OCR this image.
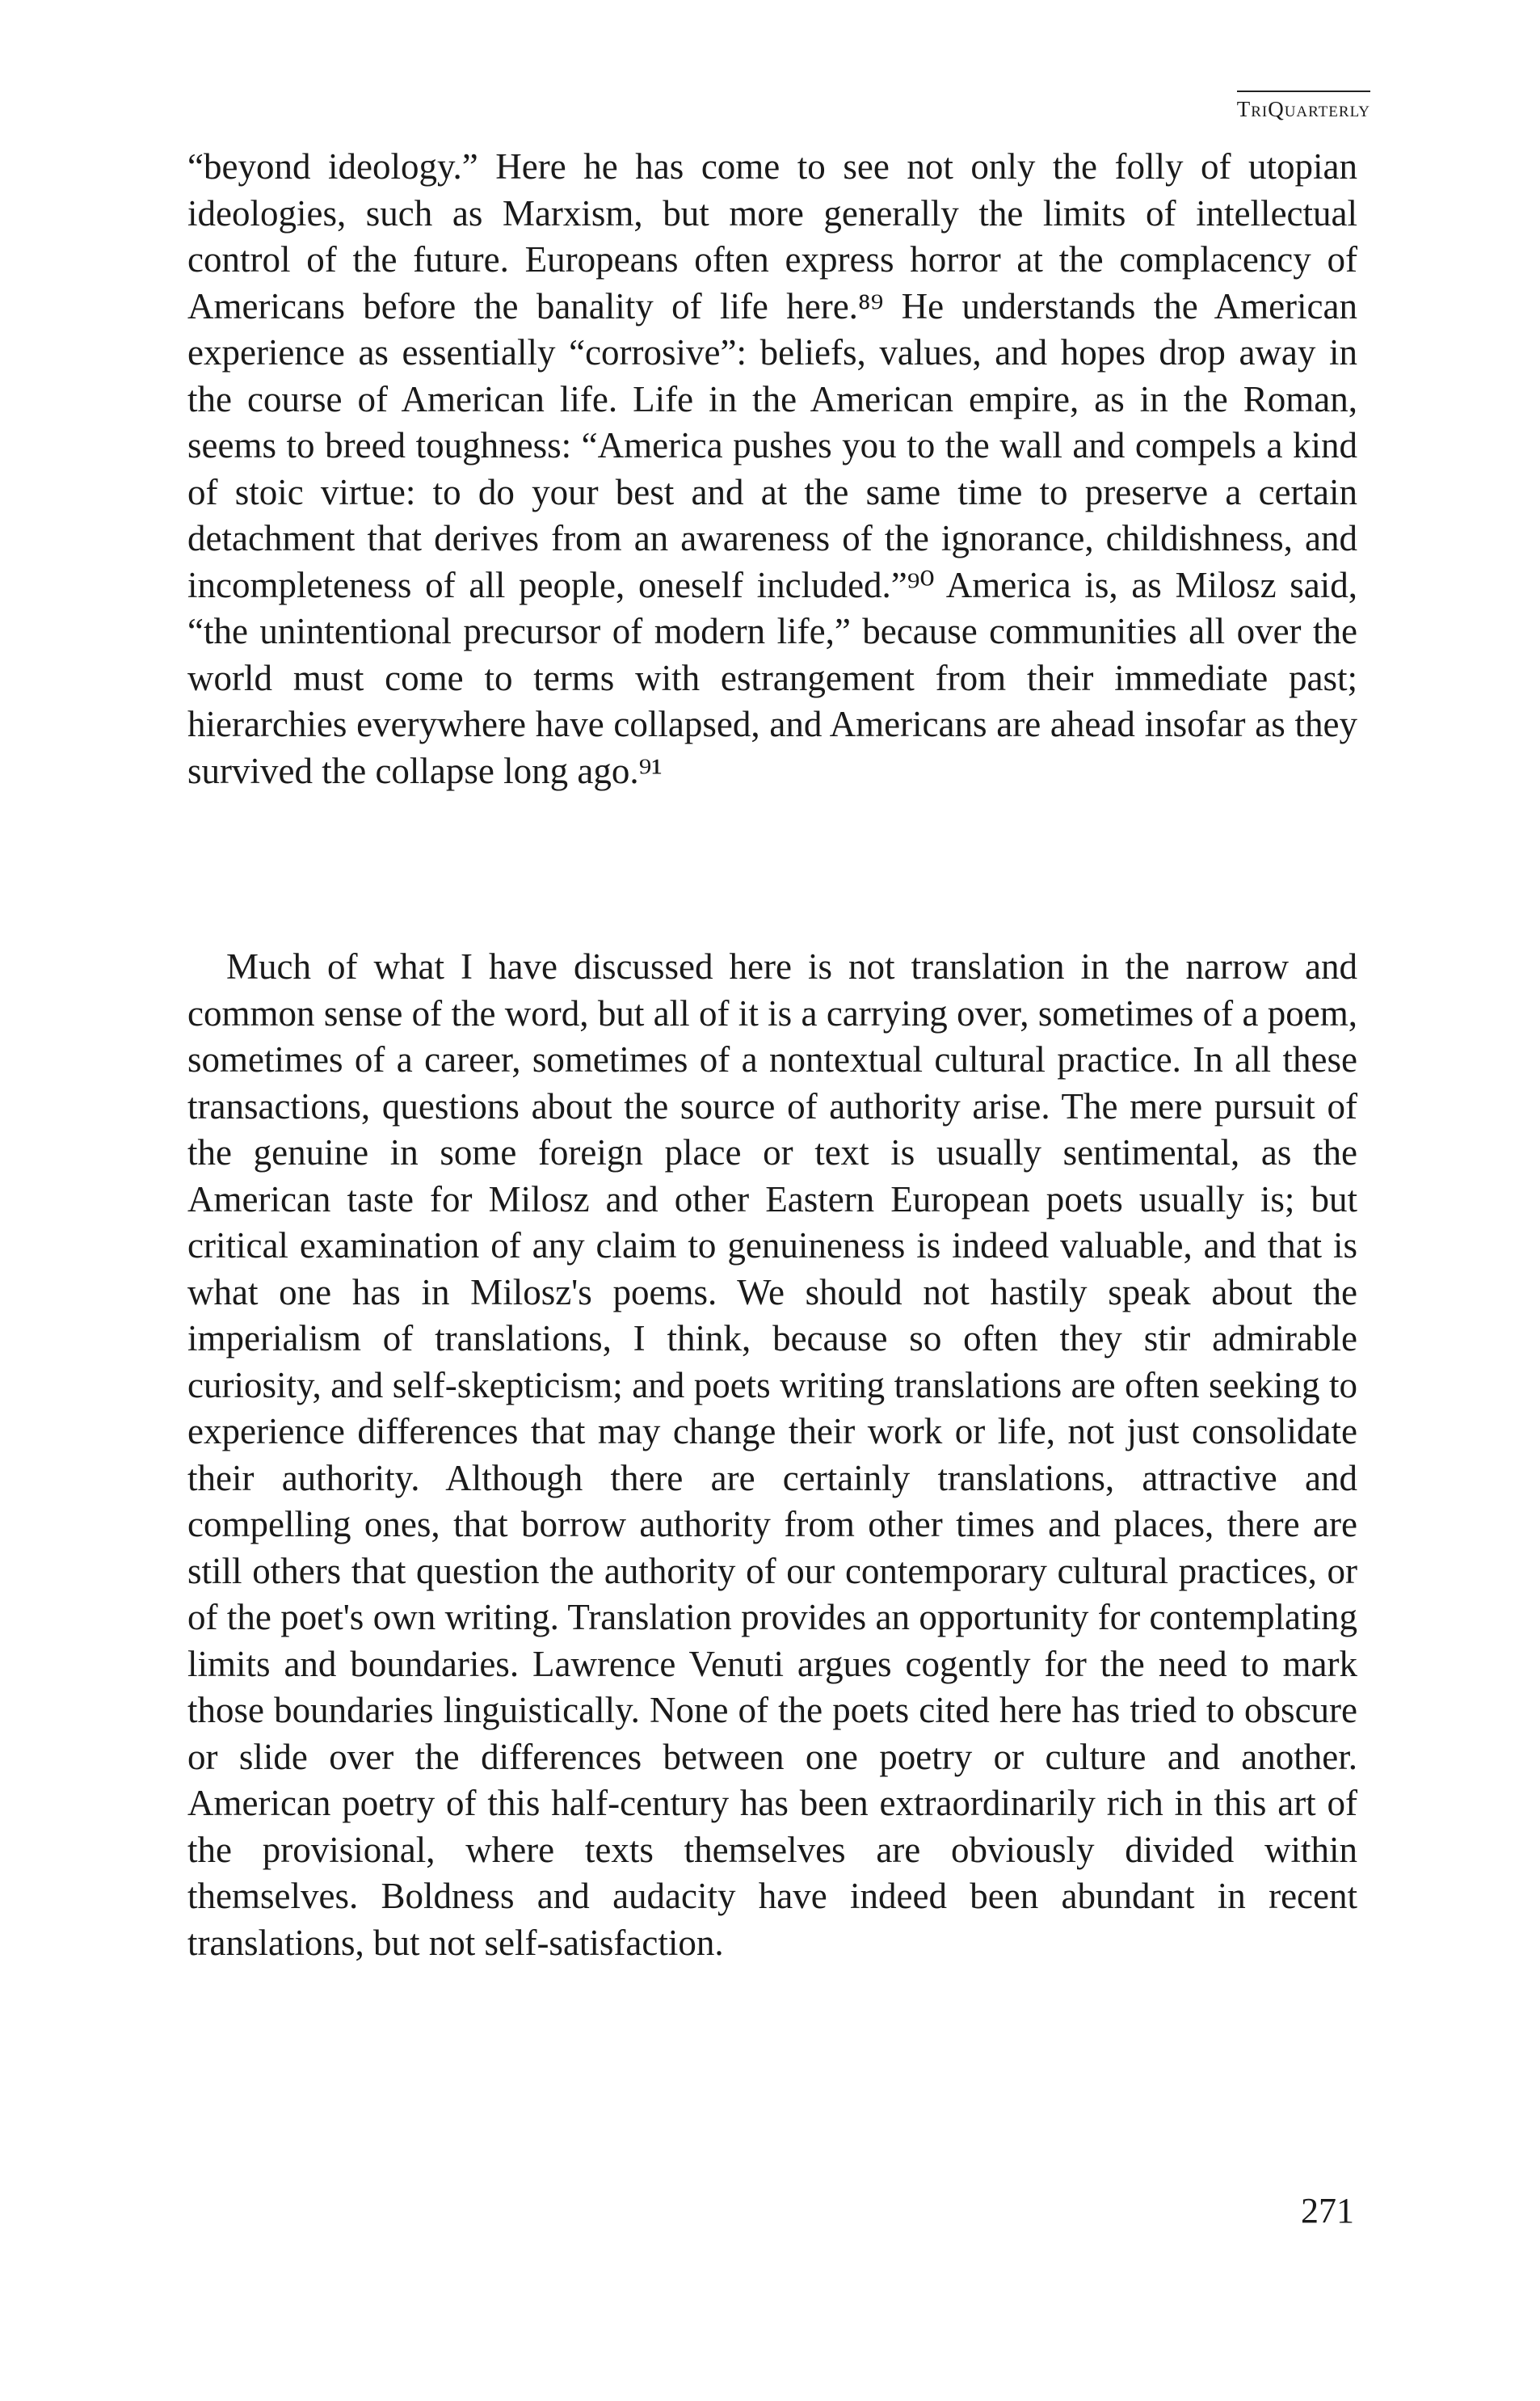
TriQuarterly

“beyond ideology.” Here he has come to see not only the folly of utopian ideologies, such as Marxism, but more generally the limits of intellectual control of the future. Europeans often express horror at the complacency of Americans before the banality of life here.⁸⁹ He understands the American experience as essentially “corrosive”: beliefs, values, and hopes drop away in the course of American life. Life in the American empire, as in the Roman, seems to breed toughness: “America pushes you to the wall and compels a kind of stoic virtue: to do your best and at the same time to preserve a certain detachment that derives from an awareness of the ignorance, childishness, and incompleteness of all people, oneself included.”⁹⁰ America is, as Milosz said, “the unintentional precursor of modern life,” because communities all over the world must come to terms with estrangement from their immediate past; hierarchies everywhere have collapsed, and Americans are ahead insofar as they survived the collapse long ago.⁹¹

Much of what I have discussed here is not translation in the narrow and common sense of the word, but all of it is a carrying over, sometimes of a poem, sometimes of a career, sometimes of a nontextual cultural practice. In all these transactions, questions about the source of authority arise. The mere pursuit of the genuine in some foreign place or text is usually sentimental, as the American taste for Milosz and other Eastern European poets usually is; but critical examination of any claim to genuineness is indeed valuable, and that is what one has in Milosz's poems. We should not hastily speak about the imperialism of translations, I think, because so often they stir admirable curiosity, and self-skepticism; and poets writing translations are often seeking to experience differences that may change their work or life, not just consolidate their authority. Although there are certainly translations, attractive and compelling ones, that borrow authority from other times and places, there are still others that question the authority of our contemporary cultural practices, or of the poet's own writing. Translation provides an opportunity for contemplating limits and boundaries. Lawrence Venuti argues cogently for the need to mark those boundaries linguistically. None of the poets cited here has tried to obscure or slide over the differences between one poetry or culture and another. American poetry of this half-century has been extraordinarily rich in this art of the provisional, where texts themselves are obviously divided within themselves. Boldness and audacity have indeed been abundant in recent translations, but not self-satisfaction.

271
